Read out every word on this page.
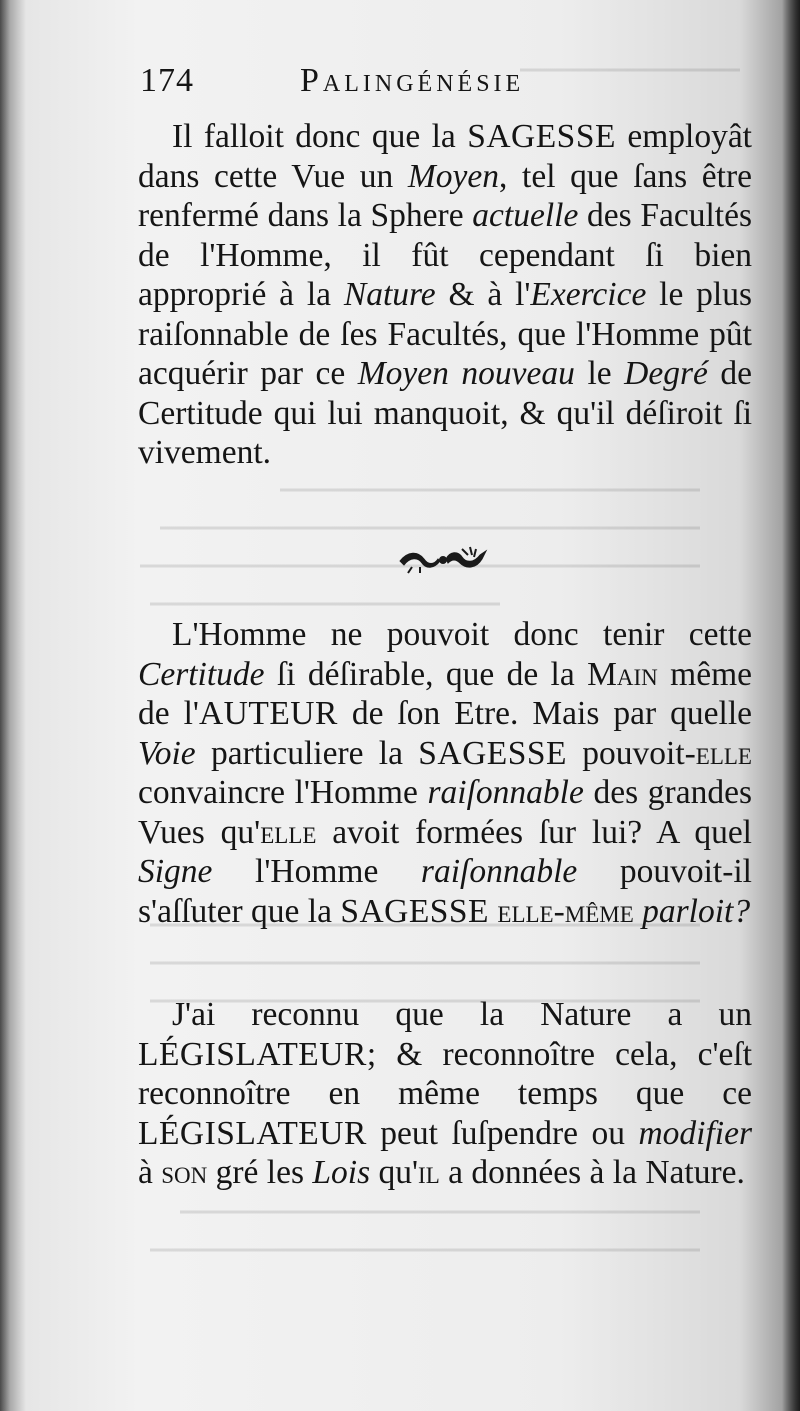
174	Palingénésie

Il falloit donc que la SAGESSE employât dans cette Vue un Moyen, tel que ſans être renfermé dans la Sphere actuelle des Facultés de l'Homme, il fût cependant ſi bien approprié à la Nature & à l'Exercice le plus raiſonnable de ſes Facultés, que l'Homme pût acquérir par ce Moyen nouveau le Degré de Certitude qui lui manquoit, & qu'il déſiroit ſi vivement.

L'Homme ne pouvoit donc tenir cette Certitude ſi déſirable, que de la Main même de l'AUTEUR de ſon Etre. Mais par quelle Voie particuliere la SAGESSE pouvoit-elle convaincre l'Homme raiſonnable des grandes Vues qu'elle avoit formées ſur lui? A quel Signe l'Homme raiſonnable pouvoit-il s'aſſuter que la SAGESSE elle-même parloit?

J'ai reconnu que la Nature a un LÉGISLATEUR; & reconnoître cela, c'eſt reconnoître en même temps que ce LÉGISLATEUR peut ſuſpendre ou modifier à son gré les Lois qu'il a données à la Nature.
